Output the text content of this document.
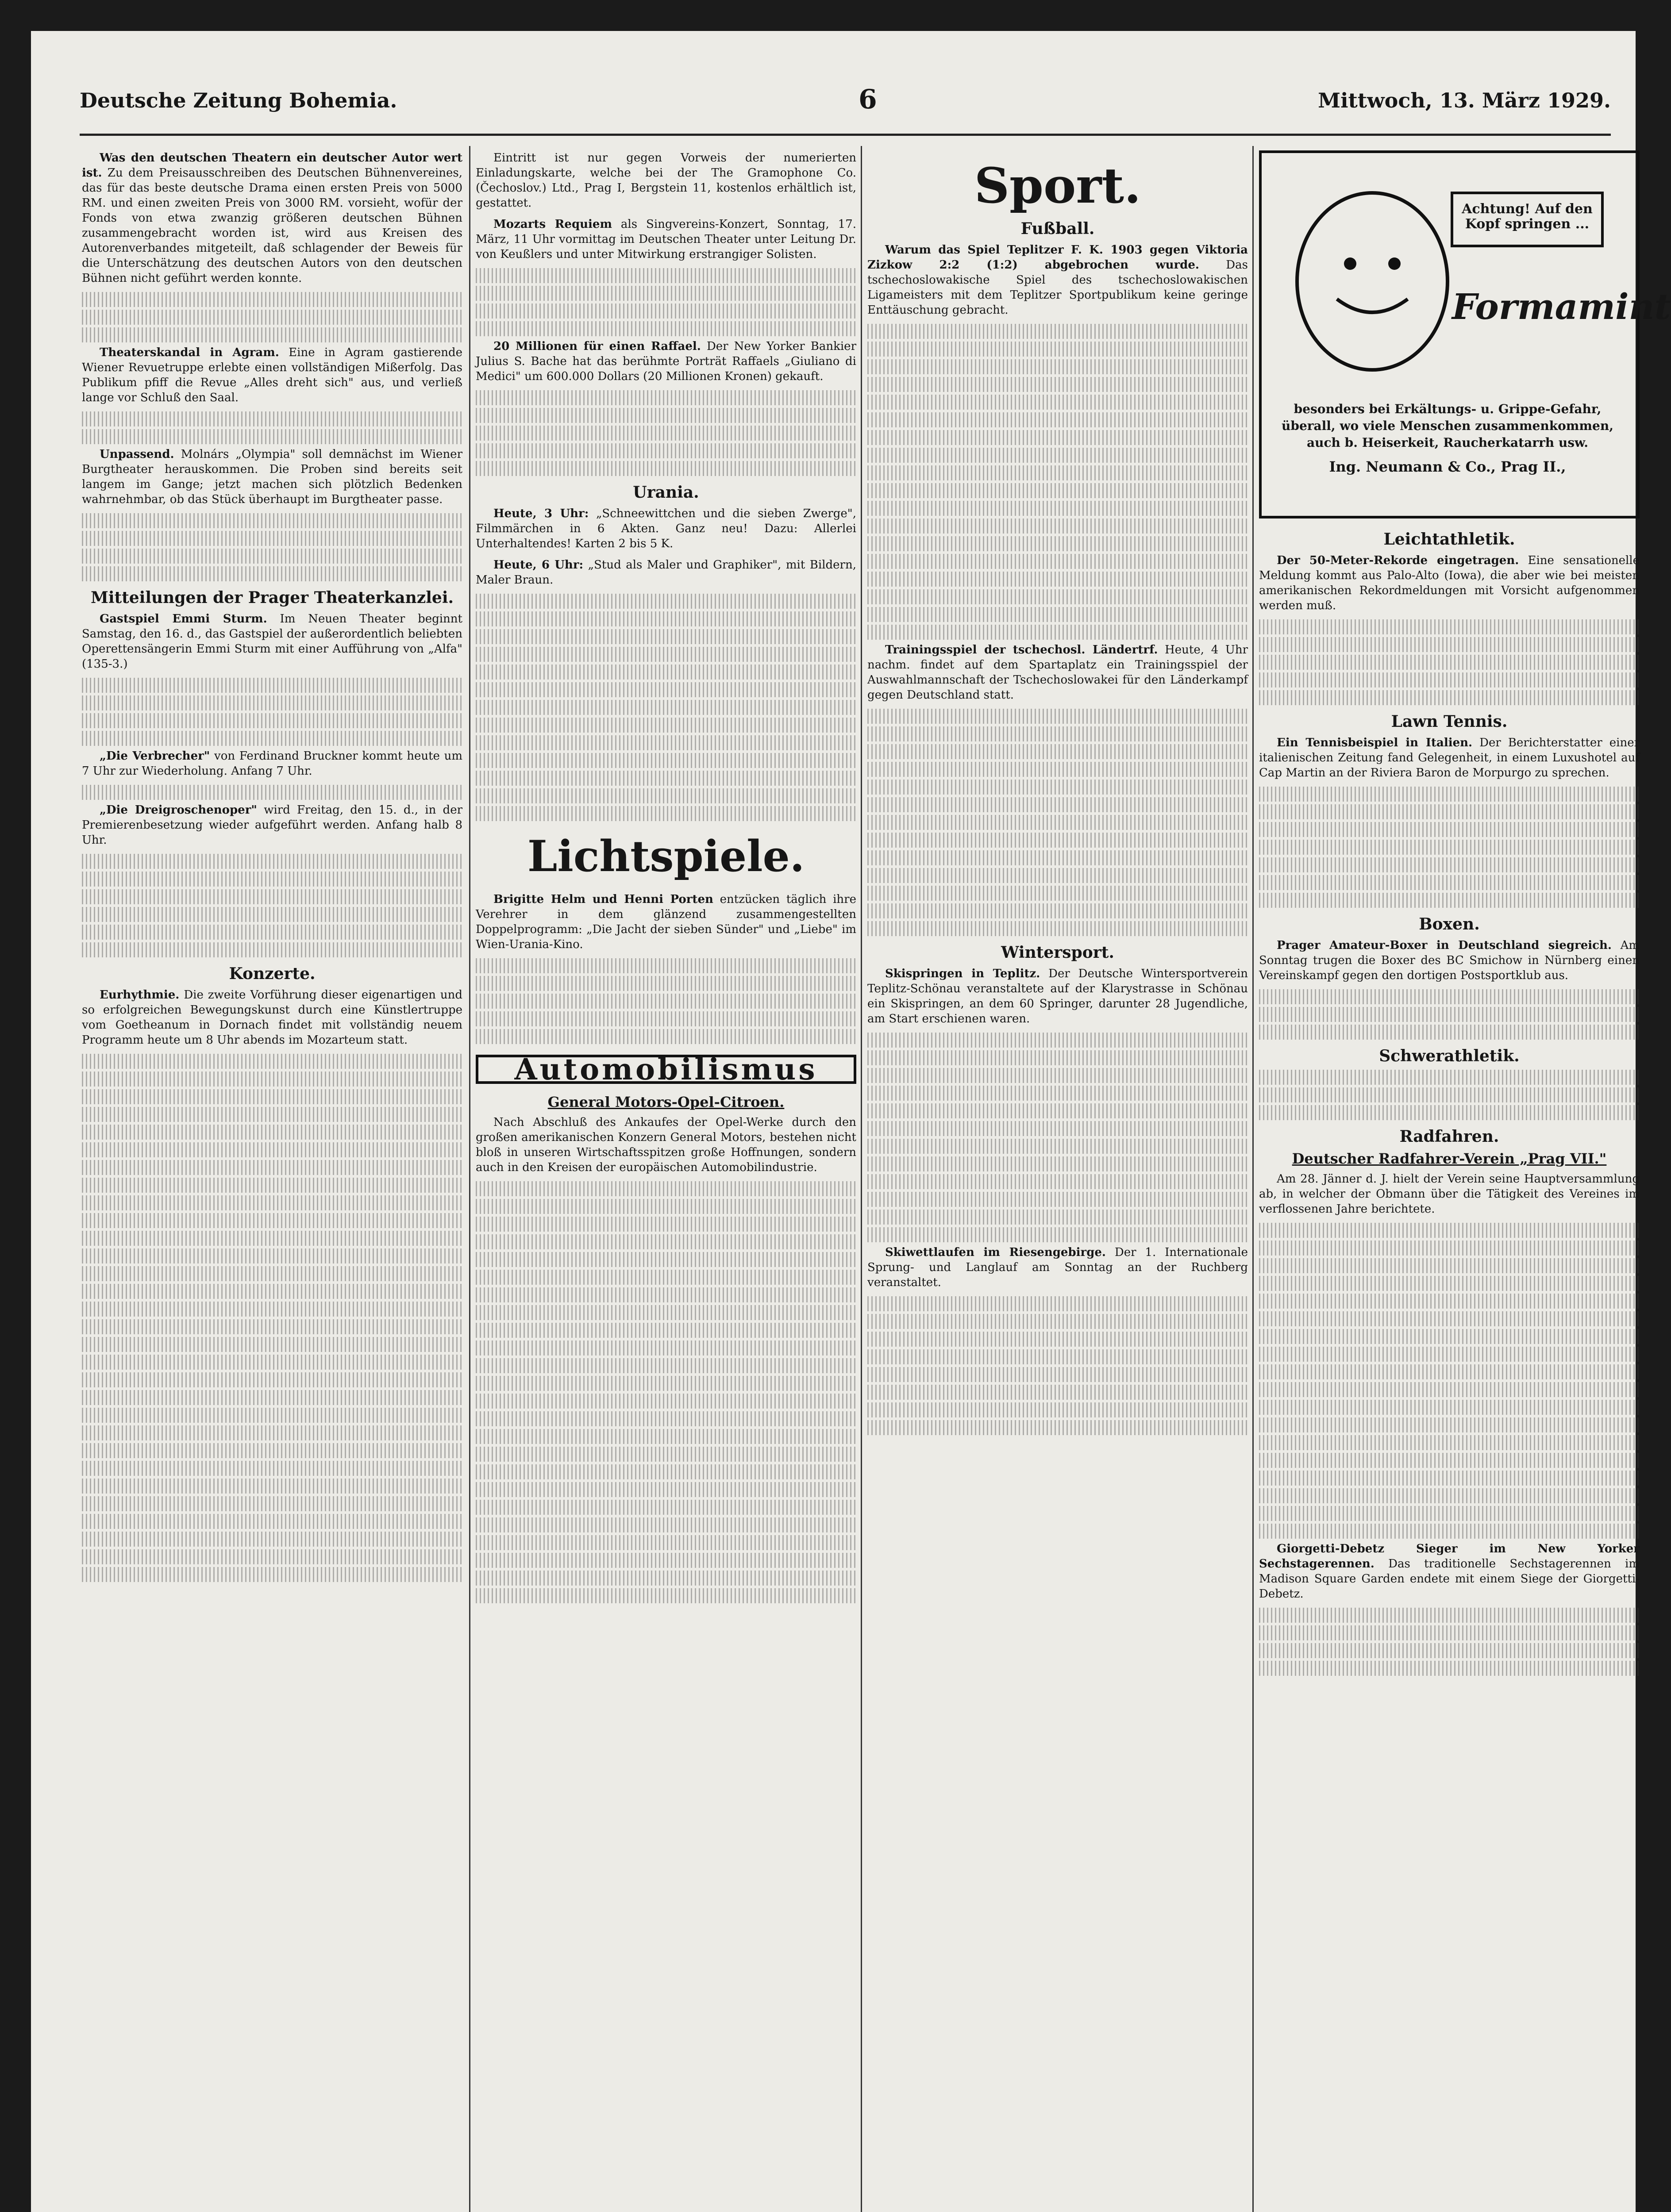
Deutsche Zeitung Bohemia.	6	Mittwoch, 13. März 1929.

Was den deutschen Theatern ein deutscher Autor wert ist. Zu dem Preisausschreiben des Deutschen Bühnenvereines, das für das beste deutsche Drama einen ersten Preis von 5000 RM. und einen zweiten Preis von 3000 RM. vorsieht, wofür der Fonds von etwa zwanzig größeren deutschen Bühnen zusammengebracht worden ist, wird aus Kreisen des Autorenverbandes mitgeteilt, daß schlagender der Beweis für die Unterschätzung des deutschen Autors von den deutschen Bühnen nicht geführt werden konnte.

Theaterskandal in Agram. Eine in Agram gastierende Wiener Revuetruppe erlebte einen vollständigen Mißerfolg. Das Publikum pfiff die Revue „Alles dreht sich" aus, und verließ lange vor Schluß den Saal.

Unpassend. Molnárs „Olympia" soll demnächst im Wiener Burgtheater herauskommen. Die Proben sind bereits seit langem im Gange; jetzt machen sich plötzlich Bedenken wahrnehmbar, ob das Stück überhaupt im Burgtheater passe.

Mitteilungen der Prager Theaterkanzlei.

Gastspiel Emmi Sturm. Im Neuen Theater beginnt Samstag, den 16. d., das Gastspiel der außerordentlich beliebten Operettensängerin Emmi Sturm mit einer Aufführung von „Alfa" (135-3.)

„Die Verbrecher" von Ferdinand Bruckner kommt heute um 7 Uhr zur Wiederholung. Anfang 7 Uhr.

„Die Dreigroschenoper" wird Freitag, den 15. d., in der Premierenbesetzung wieder aufgeführt werden. Anfang halb 8 Uhr.

Konzerte.

Eurhythmie. Die zweite Vorführung dieser eigenartigen und so erfolgreichen Bewegungskunst durch eine Künstlertruppe vom Goetheanum in Dornach findet mit vollständig neuem Programm heute um 8 Uhr abends im Mozarteum statt.

Eintritt ist nur gegen Vorweis der numerierten Einladungskarte, welche bei der The Gramophone Co. (Čechoslov.) Ltd., Prag I, Bergstein 11, kostenlos erhältlich ist, gestattet.

Mozarts Requiem als Singvereins-Konzert, Sonntag, 17. März, 11 Uhr vormittag im Deutschen Theater unter Leitung Dr. von Keußlers und unter Mitwirkung erstrangiger Solisten.

20 Millionen für einen Raffael. Der New Yorker Bankier Julius S. Bache hat das berühmte Porträt Raffaels „Giuliano di Medici" um 600.000 Dollars (20 Millionen Kronen) gekauft.

Urania.

Heute, 3 Uhr: „Schneewittchen und die sieben Zwerge", Filmmärchen in 6 Akten. Ganz neu! Dazu: Allerlei Unterhaltendes! Karten 2 bis 5 K.

Heute, 6 Uhr: „Stud als Maler und Graphiker", mit Bildern, Maler Braun.

Lichtspiele.

Brigitte Helm und Henni Porten entzücken täglich ihre Verehrer in dem glänzend zusammengestellten Doppelprogramm: „Die Jacht der sieben Sünder" und „Liebe" im Wien-Urania-Kino.

Automobilismus
General Motors-Opel-Citroen.

Nach Abschluß des Ankaufes der Opel-Werke durch den großen amerikanischen Konzern General Motors, bestehen nicht bloß in unseren Wirtschaftsspitzen große Hoffnungen, sondern auch in den Kreisen der europäischen Automobilindustrie.

Sport.
Fußball.

Warum das Spiel Teplitzer F. K. 1903 gegen Viktoria Zizkow 2:2 (1:2) abgebrochen wurde. Das tschechoslowakische Spiel des tschechoslowakischen Ligameisters mit dem Teplitzer Sportpublikum keine geringe Enttäuschung gebracht.

Trainingsspiel der tschechosl. Ländertrf. Heute, 4 Uhr nachm. findet auf dem Spartaplatz ein Trainingsspiel der Auswahlmannschaft der Tschechoslowakei für den Länderkampf gegen Deutschland statt.

Wintersport.

Skispringen in Teplitz. Der Deutsche Wintersportverein Teplitz-Schönau veranstaltete auf der Klarystrasse in Schönau ein Skispringen, an dem 60 Springer, darunter 28 Jugendliche, am Start erschienen waren.

Skiwettlaufen im Riesengebirge. Der 1. Internationale Sprung- und Langlauf am Sonntag an der Ruchberg veranstaltet.

Achtung! Auf den Kopf springen ...
Formamint
besonders bei Erkältungs- u. Grippe-Gefahr, überall, wo viele Menschen zusammenkommen, auch b. Heiserkeit, Raucherkatarrh usw.
Ing. Neumann & Co., Prag II.,
Leichtathletik.

Der 50-Meter-Rekorde eingetragen. Eine sensationelle Meldung kommt aus Palo-Alto (Iowa), die aber wie bei meisten amerikanischen Rekordmeldungen mit Vorsicht aufgenommen werden muß.

Lawn Tennis.

Ein Tennisbeispiel in Italien. Der Berichterstatter einer italienischen Zeitung fand Gelegenheit, in einem Luxushotel auf Cap Martin an der Riviera Baron de Morpurgo zu sprechen.

Boxen.

Prager Amateur-Boxer in Deutschland siegreich. Am Sonntag trugen die Boxer des BC Smichow in Nürnberg einen Vereinskampf gegen den dortigen Postsportklub aus.

Schwerathletik.
Radfahren.
Deutscher Radfahrer-Verein „Prag VII."

Am 28. Jänner d. J. hielt der Verein seine Hauptversammlung ab, in welcher der Obmann über die Tätigkeit des Vereines im verflossenen Jahre berichtete.

Giorgetti-Debetz Sieger im New Yorker Sechstagerennen. Das traditionelle Sechstagerennen im Madison Square Garden endete mit einem Siege der Giorgetti-Debetz.
